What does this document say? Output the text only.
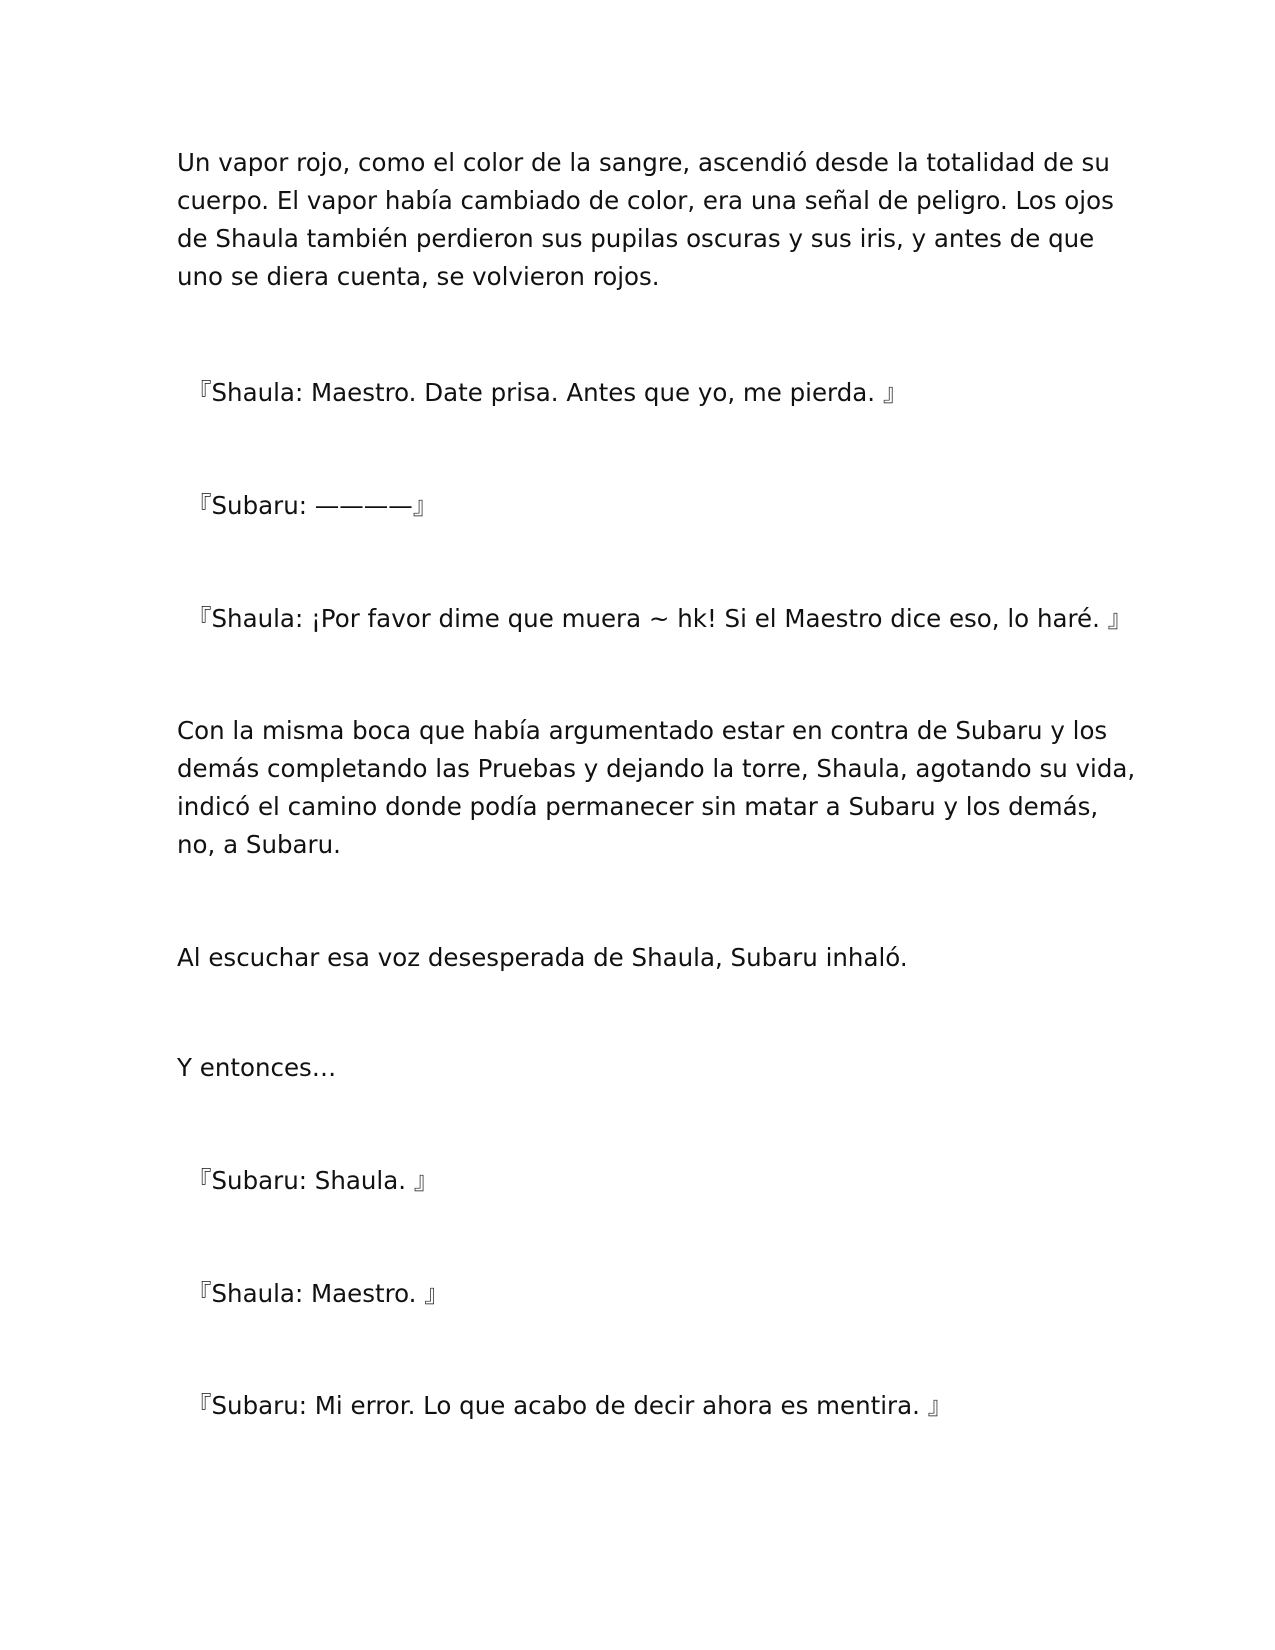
Un vapor rojo, como el color de la sangre, ascendió desde la totalidad de su
cuerpo. El vapor había cambiado de color, era una señal de peligro. Los ojos
de Shaula también perdieron sus pupilas oscuras y sus iris, y antes de que
uno se diera cuenta, se volvieron rojos.

『Shaula: Maestro. Date prisa. Antes que yo, me pierda. 』

『Subaru: ————』

『Shaula: ¡Por favor dime que muera ~ hk! Si el Maestro dice eso, lo haré. 』

Con la misma boca que había argumentado estar en contra de Subaru y los
demás completando las Pruebas y dejando la torre, Shaula, agotando su vida,
indicó el camino donde podía permanecer sin matar a Subaru y los demás,
no, a Subaru.

Al escuchar esa voz desesperada de Shaula, Subaru inhaló.

Y entonces…

『Subaru: Shaula. 』

『Shaula: Maestro. 』

『Subaru: Mi error. Lo que acabo de decir ahora es mentira. 』
